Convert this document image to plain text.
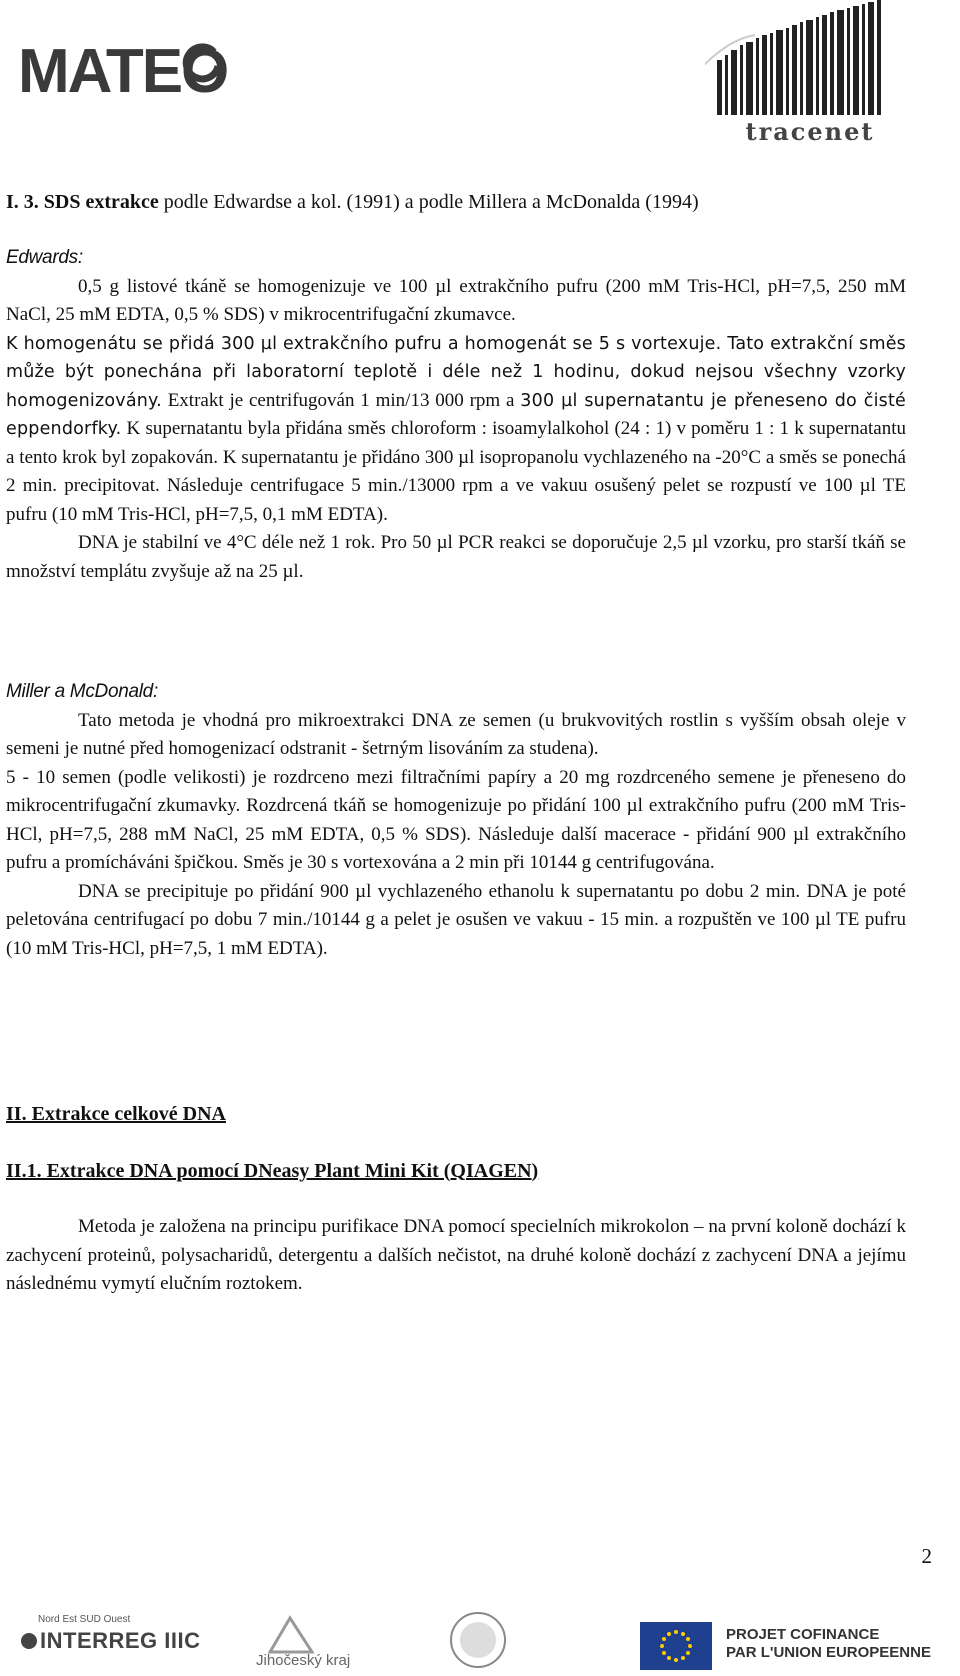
MATEO
tracenet

I. 3. SDS extrakce podle Edwardse a kol. (1991) a podle Millera a McDonalda (1994)

Edwards:

0,5 g listové tkáně se homogenizuje ve 100 µl extrakčního pufru (200 mM Tris-HCl, pH=7,5, 250 mM NaCl, 25 mM EDTA, 0,5 % SDS) v mikrocentrifugační zkumavce.

K homogenátu se přidá 300 µl extrakčního pufru a homogenát se 5 s vortexuje. Tato extrakční směs může být ponechána při laboratorní teplotě i déle než 1 hodinu, dokud nejsou všechny vzorky homogenizovány. Extrakt je centrifugován 1 min/13 000 rpm a 300 µl supernatantu je přeneseno do čisté eppendorfky. K supernatantu byla přidána směs chloroform : isoamylalkohol (24 : 1) v poměru 1 : 1 k supernatantu a tento krok byl zopakován. K supernatantu je přidáno 300 µl isopropanolu vychlazeného na -20°C a směs se ponechá 2 min. precipitovat. Následuje centrifugace 5 min./13000 rpm a ve vakuu osušený pelet se rozpustí ve 100 µl TE pufru (10 mM Tris-HCl, pH=7,5, 0,1 mM EDTA).

DNA je stabilní ve 4°C déle než 1 rok. Pro 50 µl PCR reakci se doporučuje 2,5 µl vzorku, pro starší tkáň se množství templátu zvyšuje až na 25 µl.

Miller a McDonald:

Tato metoda je vhodná pro mikroextrakci DNA ze semen (u brukvovitých rostlin s vyšším obsah oleje v semeni je nutné před homogenizací odstranit - šetrným lisováním za studena).

5 - 10 semen (podle velikosti) je rozdrceno mezi filtračními papíry a 20 mg rozdrceného semene je přeneseno do mikrocentrifugační zkumavky. Rozdrcená tkáň se homogenizuje po přidání 100 µl extrakčního pufru (200 mM Tris-HCl, pH=7,5, 288 mM NaCl, 25 mM EDTA, 0,5 % SDS). Následuje další macerace - přidání 900 µl extrakčního pufru a promícháváni špičkou. Směs je 30 s vortexována a 2 min při 10144 g centrifugována.

DNA se precipituje po přidání 900 µl vychlazeného ethanolu k supernatantu po dobu 2 min. DNA je poté peletována centrifugací po dobu 7 min./10144 g a pelet je osušen ve vakuu - 15 min. a rozpuštěn ve 100 µl TE pufru (10 mM Tris-HCl, pH=7,5, 1 mM EDTA).

II. Extrakce celkové DNA

II.1. Extrakce DNA pomocí DNeasy Plant Mini Kit (QIAGEN)

Metoda je založena na principu purifikace DNA pomocí specielních mikrokolon – na první koloně dochází k zachycení proteinů, polysacharidů, detergentu a dalších nečistot, na druhé koloně dochází z zachycení DNA a jejímu následnému vymytí elučním roztokem.

2
Nord Est SUD Ouest
INTERREG IIIC
Jihočeský kraj
PROJET COFINANCE
PAR L'UNION EUROPEENNE
